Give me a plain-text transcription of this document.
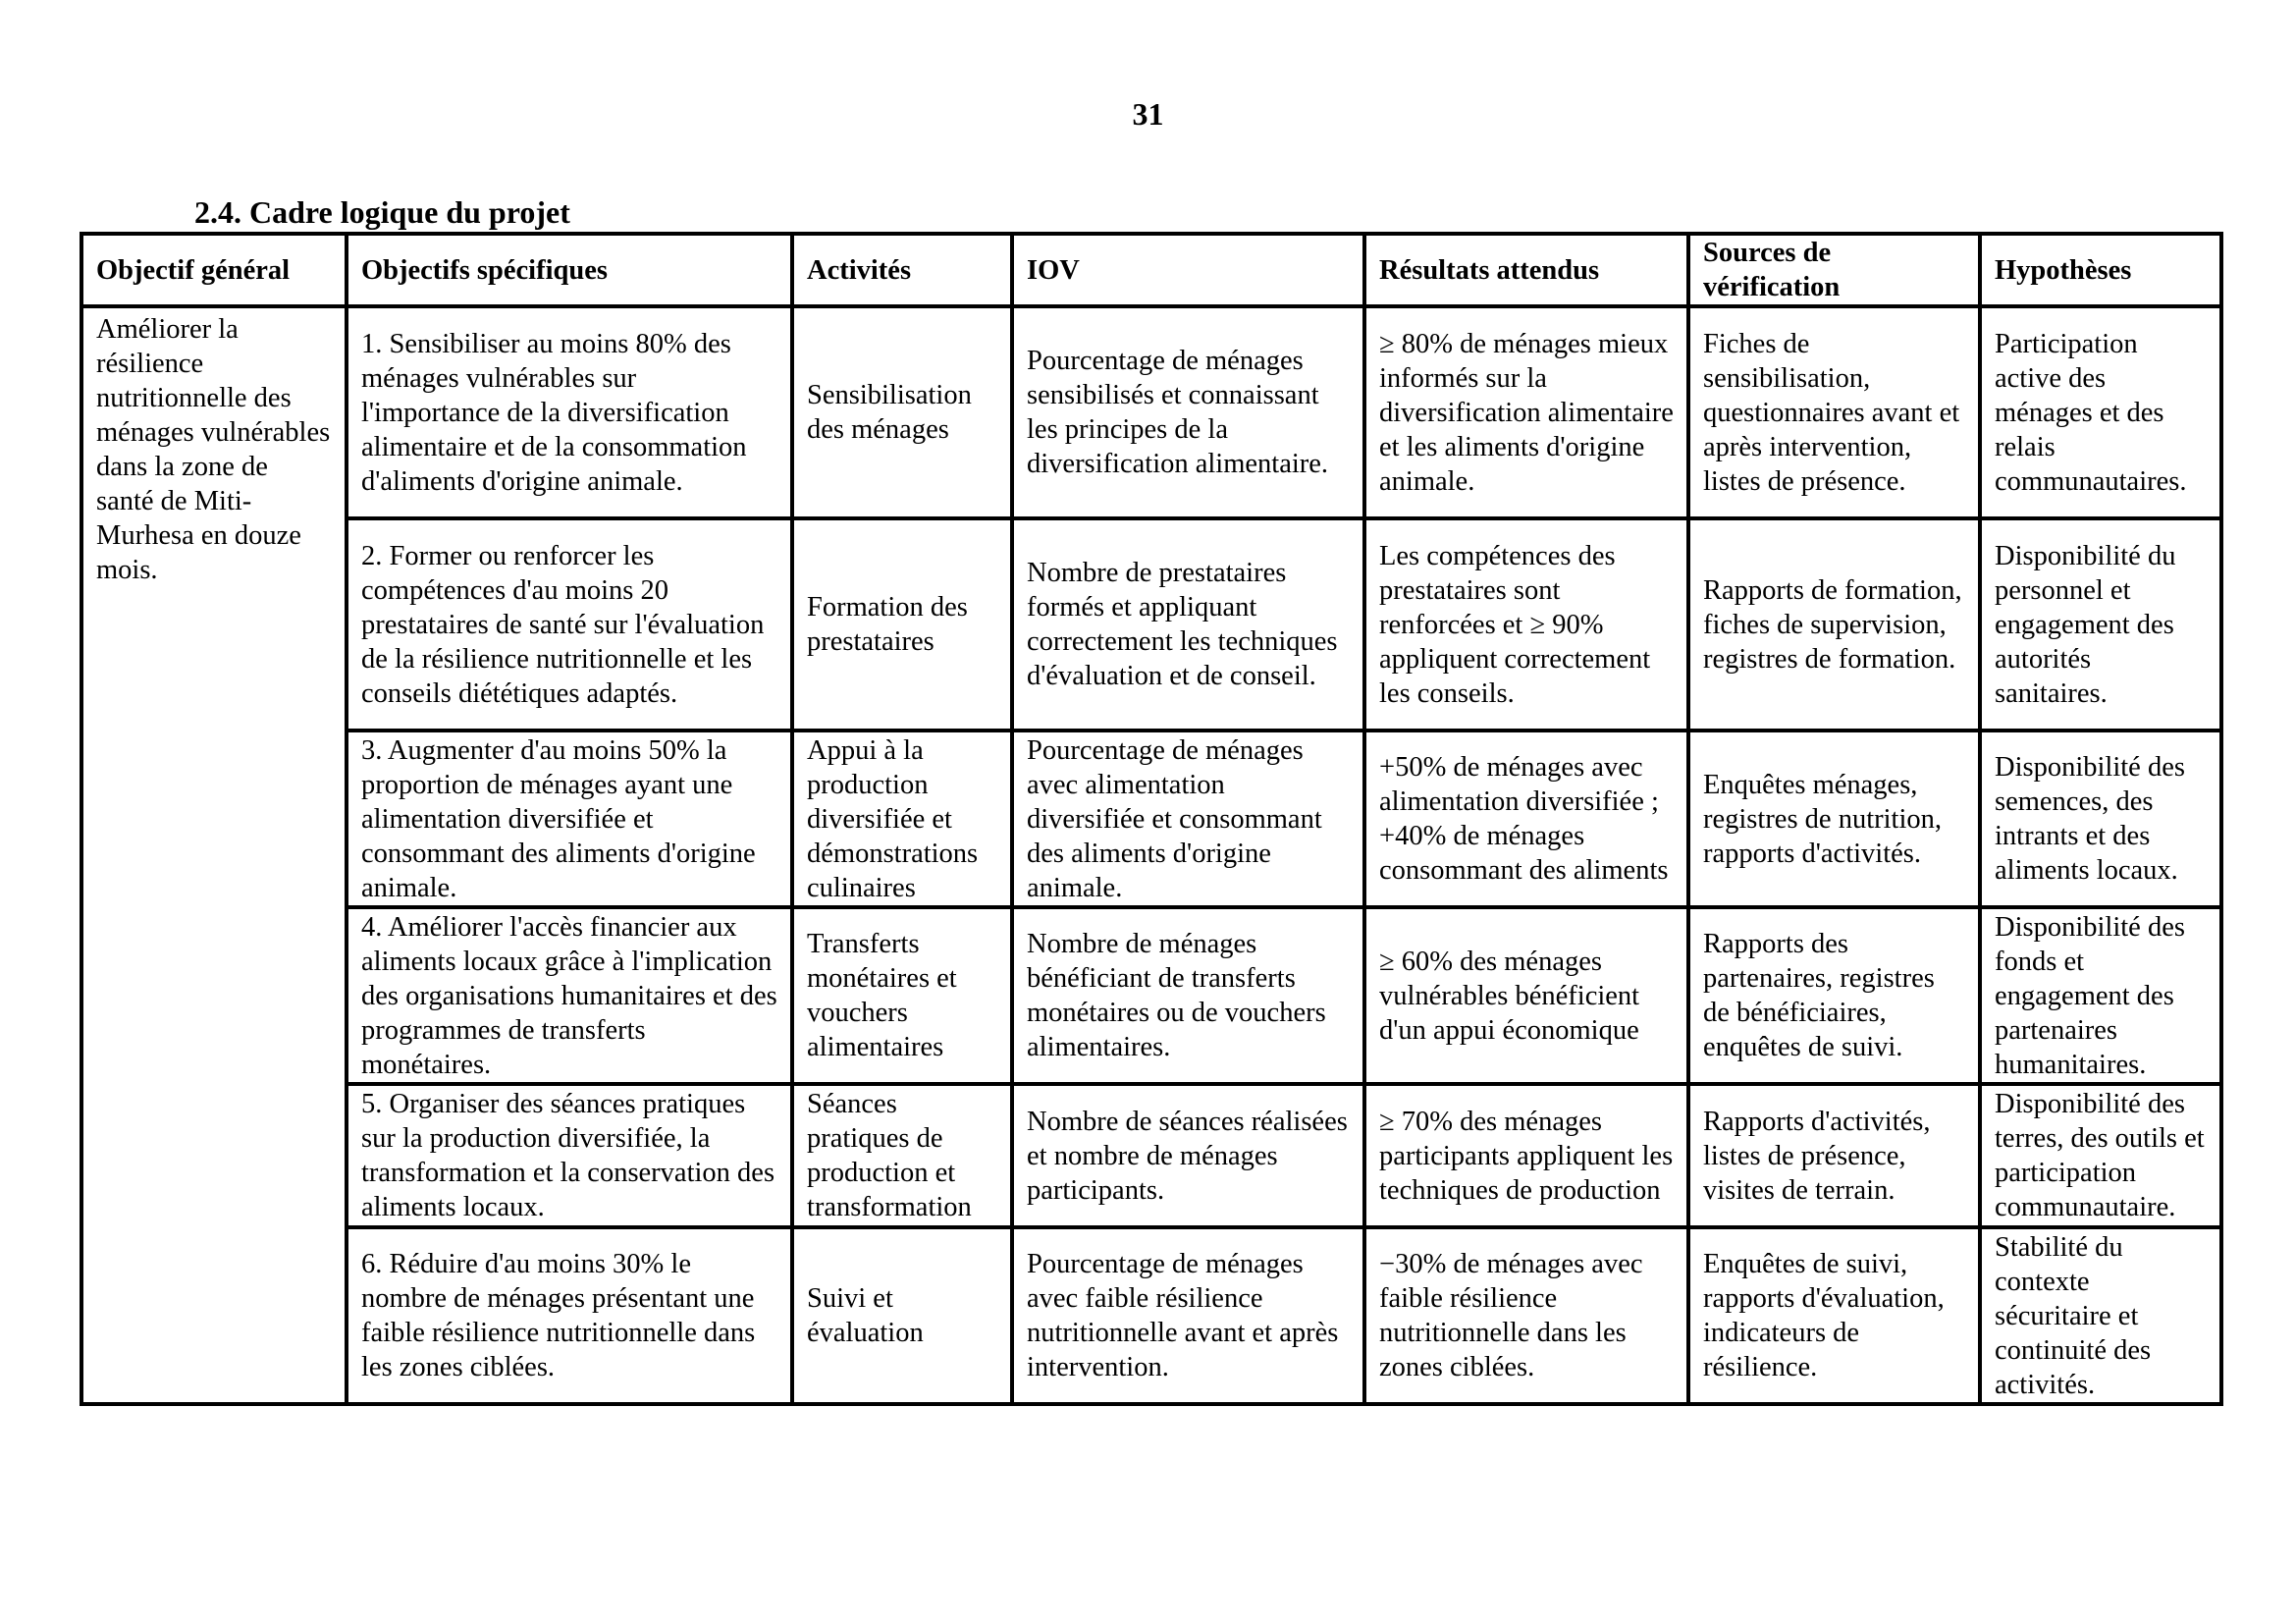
31
2.4. Cadre logique du projet
Objectif général	Objectifs spécifiques	Activités	IOV	Résultats attendus	Sources de vérification	Hypothèses
Améliorer la résilience nutritionnelle des ménages vulnérables dans la zone de santé de Miti-Murhesa en douze mois.	1. Sensibiliser au moins 80% des ménages vulnérables sur l'importance de la diversification alimentaire et de la consommation d'aliments d'origine animale.	Sensibilisation des ménages	Pourcentage de ménages sensibilisés et connaissant les principes de la diversification alimentaire.	≥ 80% de ménages mieux informés sur la diversification alimentaire et les aliments d'origine animale.	Fiches de sensibilisation, questionnaires avant et après intervention, listes de présence.	Participation active des ménages et des relais communautaires.
	2. Former ou renforcer les compétences d'au moins 20 prestataires de santé sur l'évaluation de la résilience nutritionnelle et les conseils diététiques adaptés.	Formation des prestataires	Nombre de prestataires formés et appliquant correctement les techniques d'évaluation et de conseil.	Les compétences des prestataires sont renforcées et ≥ 90% appliquent correctement les conseils.	Rapports de formation, fiches de supervision, registres de formation.	Disponibilité du personnel et engagement des autorités sanitaires.
	3. Augmenter d'au moins 50% la proportion de ménages ayant une alimentation diversifiée et consommant des aliments d'origine animale.	Appui à la production diversifiée et démonstrations culinaires	Pourcentage de ménages avec alimentation diversifiée et consommant des aliments d'origine animale.	+50% de ménages avec alimentation diversifiée ; +40% de ménages consommant des aliments	Enquêtes ménages, registres de nutrition, rapports d'activités.	Disponibilité des semences, des intrants et des aliments locaux.
	4. Améliorer l'accès financier aux aliments locaux grâce à l'implication des organisations humanitaires et des programmes de transferts monétaires.	Transferts monétaires et vouchers alimentaires	Nombre de ménages bénéficiant de transferts monétaires ou de vouchers alimentaires.	≥ 60% des ménages vulnérables bénéficient d'un appui économique	Rapports des partenaires, registres de bénéficiaires, enquêtes de suivi.	Disponibilité des fonds et engagement des partenaires humanitaires.
	5. Organiser des séances pratiques sur la production diversifiée, la transformation et la conservation des aliments locaux.	Séances pratiques de production et transformation	Nombre de séances réalisées et nombre de ménages participants.	≥ 70% des ménages participants appliquent les techniques de production	Rapports d'activités, listes de présence, visites de terrain.	Disponibilité des terres, des outils et participation communautaire.
	6. Réduire d'au moins 30% le nombre de ménages présentant une faible résilience nutritionnelle dans les zones ciblées.	Suivi et évaluation	Pourcentage de ménages avec faible résilience nutritionnelle avant et après intervention.	−30% de ménages avec faible résilience nutritionnelle dans les zones ciblées.	Enquêtes de suivi, rapports d'évaluation, indicateurs de résilience.	Stabilité du contexte sécuritaire et continuité des activités.
